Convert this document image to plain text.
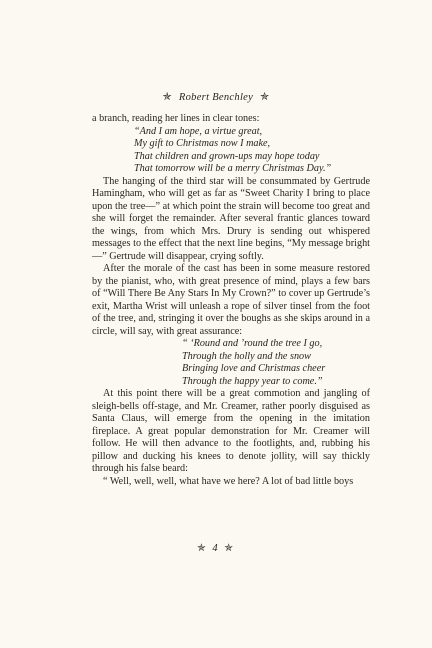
✯ Robert Benchley ✯

a branch, reading her lines in clear tones:

“And I am hope, a virtue great,
My gift to Christmas now I make,
That children and grown-ups may hope today
That tomorrow will be a merry Christmas Day.”

The hanging of the third star will be consummated by Gertrude Hamingham, who will get as far as “Sweet Charity I bring to place upon the tree—” at which point the strain will become too great and she will forget the remainder. After several frantic glances toward the wings, from which Mrs. Drury is sending out whispered messages to the effect that the next line begins, “My message bright—” Gertrude will disappear, crying softly.

After the morale of the cast has been in some measure restored by the pianist, who, with great presence of mind, plays a few bars of “Will There Be Any Stars In My Crown?” to cover up Gertrude’s exit, Martha Wrist will unleash a rope of silver tinsel from the foot of the tree, and, stringing it over the boughs as she skips around in a circle, will say, with great assurance:

“ ‘Round and ’round the tree I go,
Through the holly and the snow
Bringing love and Christmas cheer
Through the happy year to come.”

At this point there will be a great commotion and jangling of sleigh-bells off-stage, and Mr. Creamer, rather poorly disguised as Santa Claus, will emerge from the opening in the imitation fireplace. A great popular demonstration for Mr. Creamer will follow. He will then advance to the footlights, and, rubbing his pillow and ducking his knees to denote jollity, will say thickly through his false beard:

“ Well, well, well, what have we here? A lot of bad little boys

✯ 4 ✯
